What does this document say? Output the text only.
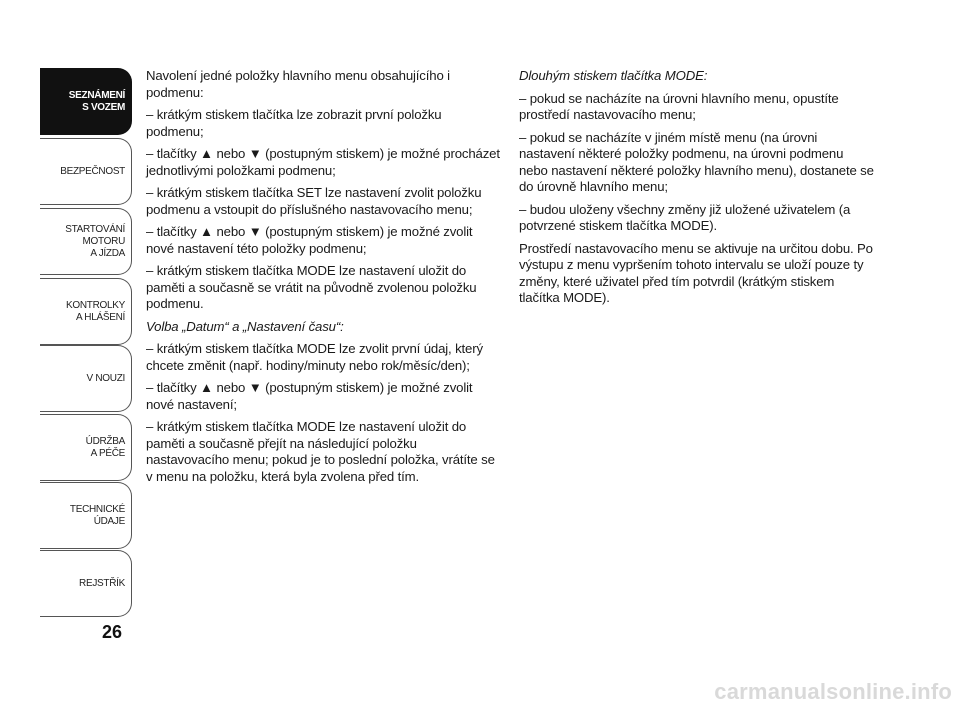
SEZNÁMENÍ
S VOZEM
BEZPEČNOST
STARTOVÁNÍ
MOTORU
A JÍZDA
KONTROLKY
A HLÁŠENÍ
V NOUZI
ÚDRŽBA
A PÉČE
TECHNICKÉ
ÚDAJE
REJSTŘÍK
26

Navolení jedné položky hlavního menu obsahujícího i podmenu:

– krátkým stiskem tlačítka lze zobrazit první položku podmenu;

– tlačítky ▲ nebo ▼ (postupným stiskem) je možné procházet jednotlivými položkami podmenu;

– krátkým stiskem tlačítka SET lze nastavení zvolit položku podmenu a vstoupit do příslušného nastavovacího menu;

– tlačítky ▲ nebo ▼ (postupným stiskem) je možné zvolit nové nastavení této položky podmenu;

– krátkým stiskem tlačítka MODE lze nastavení uložit do paměti a současně se vrátit na původně zvolenou položku podmenu.

Volba „Datum“ a „Nastavení času“:

– krátkým stiskem tlačítka MODE lze zvolit první údaj, který chcete změnit (např. hodiny/minuty nebo rok/měsíc/den);

– tlačítky ▲ nebo ▼ (postupným stiskem) je možné zvolit nové nastavení;

– krátkým stiskem tlačítka MODE lze nastavení uložit do paměti a současně přejít na následující položku nastavovacího menu; pokud je to poslední položka, vrátíte se v menu na položku, která byla zvolena před tím.

Dlouhým stiskem tlačítka MODE:

– pokud se nacházíte na úrovni hlavního menu, opustíte prostředí nastavovacího menu;

– pokud se nacházíte v jiném místě menu (na úrovni nastavení některé položky podmenu, na úrovni podmenu nebo nastavení některé položky hlavního menu), dostanete se do úrovně hlavního menu;

– budou uloženy všechny změny již uložené uživatelem (a potvrzené stiskem tlačítka MODE).

Prostředí nastavovacího menu se aktivuje na určitou dobu. Po výstupu z menu vypršením tohoto intervalu se uloží pouze ty změny, které uživatel před tím potvrdil (krátkým stiskem tlačítka MODE).

carmanualsonline.info
